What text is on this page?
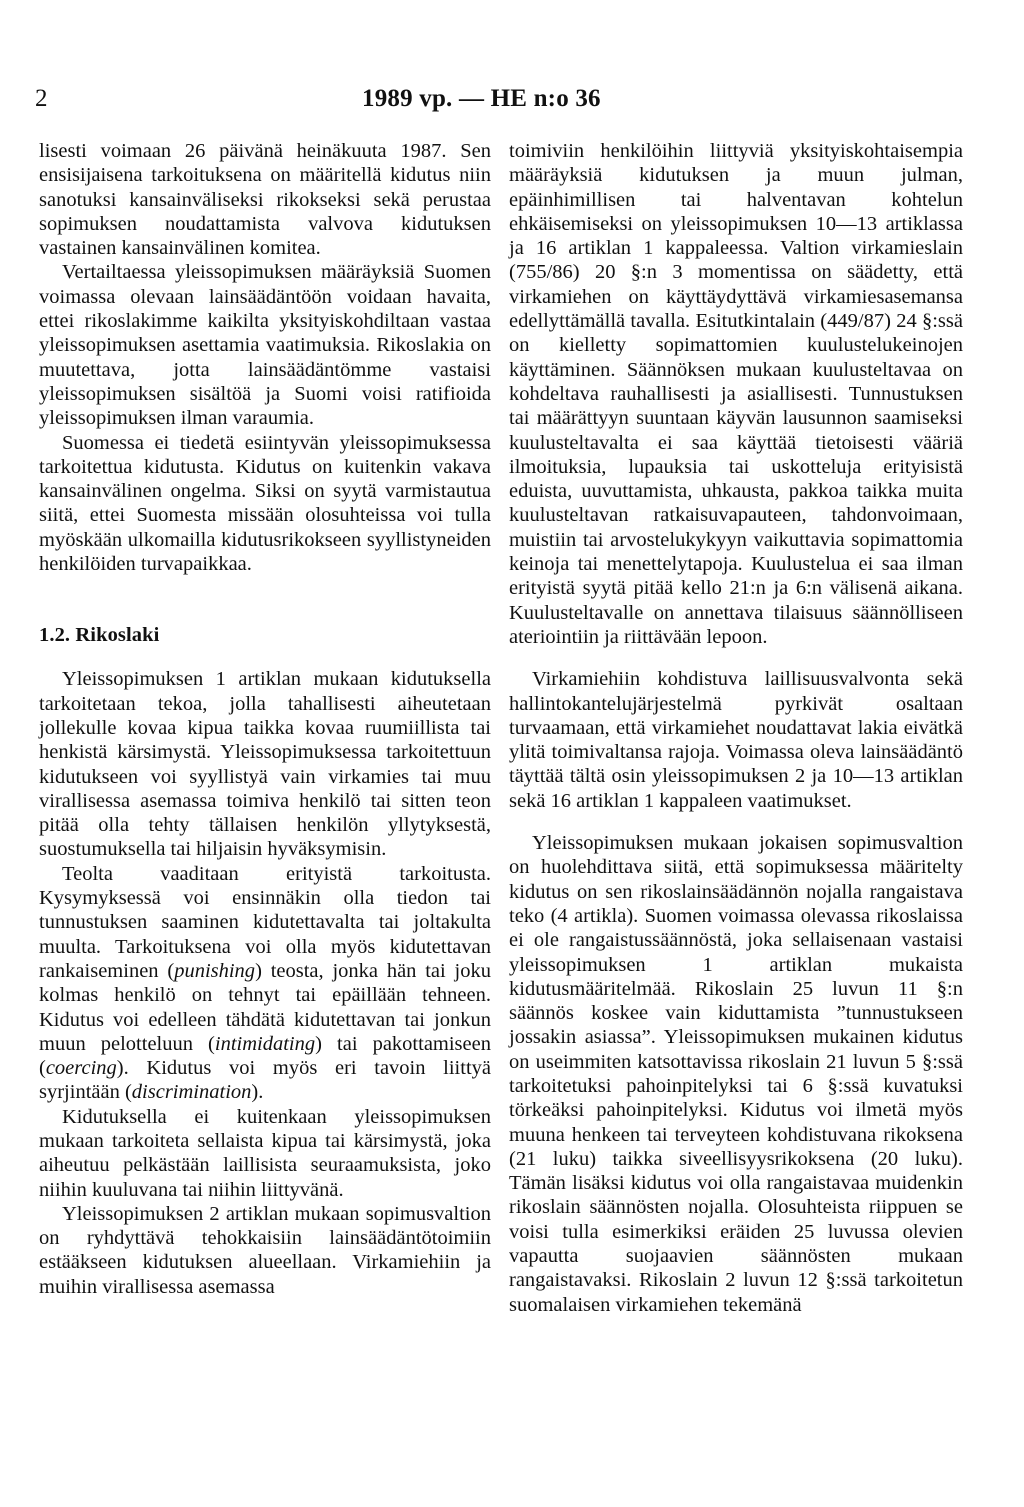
2	1989 vp. — HE n:o 36

lisesti voimaan 26 päivänä heinäkuuta 1987. Sen ensisijaisena tarkoituksena on määritellä kidutus niin sanotuksi kansainväliseksi rikokseksi sekä perustaa sopimuksen noudattamista valvova kidutuksen vastainen kansainvälinen komitea.

Vertailtaessa yleissopimuksen määräyksiä Suomen voimassa olevaan lainsäädäntöön voidaan havaita, ettei rikoslakimme kaikilta yksityiskohdiltaan vastaa yleissopimuksen asettamia vaatimuksia. Rikoslakia on muutettava, jotta lainsäädäntömme vastaisi yleissopimuksen sisältöä ja Suomi voisi ratifioida yleissopimuksen ilman varaumia.

Suomessa ei tiedetä esiintyvän yleissopimuksessa tarkoitettua kidutusta. Kidutus on kuitenkin vakava kansainvälinen ongelma. Siksi on syytä varmistautua siitä, ettei Suomesta missään olosuhteissa voi tulla myöskään ulkomailla kidutusrikokseen syyllistyneiden henkilöiden turvapaikkaa.

1.2. Rikoslaki

Yleissopimuksen 1 artiklan mukaan kidutuksella tarkoitetaan tekoa, jolla tahallisesti aiheutetaan jollekulle kovaa kipua taikka kovaa ruumiillista tai henkistä kärsimystä. Yleissopimuksessa tarkoitettuun kidutukseen voi syyllistyä vain virkamies tai muu virallisessa asemassa toimiva henkilö tai sitten teon pitää olla tehty tällaisen henkilön yllytyksestä, suostumuksella tai hiljaisin hyväksymisin.

Teolta vaaditaan erityistä tarkoitusta. Kysymyksessä voi ensinnäkin olla tiedon tai tunnustuksen saaminen kidutettavalta tai joltakulta muulta. Tarkoituksena voi olla myös kidutettavan rankaiseminen (punishing) teosta, jonka hän tai joku kolmas henkilö on tehnyt tai epäillään tehneen. Kidutus voi edelleen tähdätä kidutettavan tai jonkun muun pelotteluun (intimidating) tai pakottamiseen (coercing). Kidutus voi myös eri tavoin liittyä syrjintään (discrimination).

Kidutuksella ei kuitenkaan yleissopimuksen mukaan tarkoiteta sellaista kipua tai kärsimystä, joka aiheutuu pelkästään laillisista seuraamuksista, joko niihin kuuluvana tai niihin liittyvänä.

Yleissopimuksen 2 artiklan mukaan sopimusvaltion on ryhdyttävä tehokkaisiin lainsäädäntötoimiin estääkseen kidutuksen alueellaan. Virkamiehiin ja muihin virallisessa asemassa

toimiviin henkilöihin liittyviä yksityiskohtaisempia määräyksiä kidutuksen ja muun julman, epäinhimillisen tai halventavan kohtelun ehkäisemiseksi on yleissopimuksen 10—13 artiklassa ja 16 artiklan 1 kappaleessa. Valtion virkamieslain (755/86) 20 §:n 3 momentissa on säädetty, että virkamiehen on käyttäydyttävä virkamiesasemansa edellyttämällä tavalla. Esitutkintalain (449/87) 24 §:ssä on kielletty sopimattomien kuulustelukeinojen käyttäminen. Säännöksen mukaan kuulusteltavaa on kohdeltava rauhallisesti ja asiallisesti. Tunnustuksen tai määrättyyn suuntaan käyvän lausunnon saamiseksi kuulusteltavalta ei saa käyttää tietoisesti vääriä ilmoituksia, lupauksia tai uskotteluja erityisistä eduista, uuvuttamista, uhkausta, pakkoa taikka muita kuulusteltavan ratkaisuvapauteen, tahdonvoimaan, muistiin tai arvostelukykyyn vaikuttavia sopimattomia keinoja tai menettelytapoja. Kuulustelua ei saa ilman erityistä syytä pitää kello 21:n ja 6:n välisenä aikana. Kuulusteltavalle on annettava tilaisuus säännölliseen ateriointiin ja riittävään lepoon.

Virkamiehiin kohdistuva laillisuusvalvonta sekä hallintokantelujärjestelmä pyrkivät osaltaan turvaamaan, että virkamiehet noudattavat lakia eivätkä ylitä toimivaltansa rajoja. Voimassa oleva lainsäädäntö täyttää tältä osin yleissopimuksen 2 ja 10—13 artiklan sekä 16 artiklan 1 kappaleen vaatimukset.

Yleissopimuksen mukaan jokaisen sopimusvaltion on huolehdittava siitä, että sopimuksessa määritelty kidutus on sen rikoslainsäädännön nojalla rangaistava teko (4 artikla). Suomen voimassa olevassa rikoslaissa ei ole rangaistussäännöstä, joka sellaisenaan vastaisi yleissopimuksen 1 artiklan mukaista kidutusmääritelmää. Rikoslain 25 luvun 11 §:n säännös koskee vain kiduttamista ”tunnustukseen jossakin asiassa”. Yleissopimuksen mukainen kidutus on useimmiten katsottavissa rikoslain 21 luvun 5 §:ssä tarkoitetuksi pahoinpitelyksi tai 6 §:ssä kuvatuksi törkeäksi pahoinpitelyksi. Kidutus voi ilmetä myös muuna henkeen tai terveyteen kohdistuvana rikoksena (21 luku) taikka siveellisyysrikoksena (20 luku). Tämän lisäksi kidutus voi olla rangaistavaa muidenkin rikoslain säännösten nojalla. Olosuhteista riippuen se voisi tulla esimerkiksi eräiden 25 luvussa olevien vapautta suojaavien säännösten mukaan rangaistavaksi. Rikoslain 2 luvun 12 §:ssä tarkoitetun suomalaisen virkamiehen tekemänä
